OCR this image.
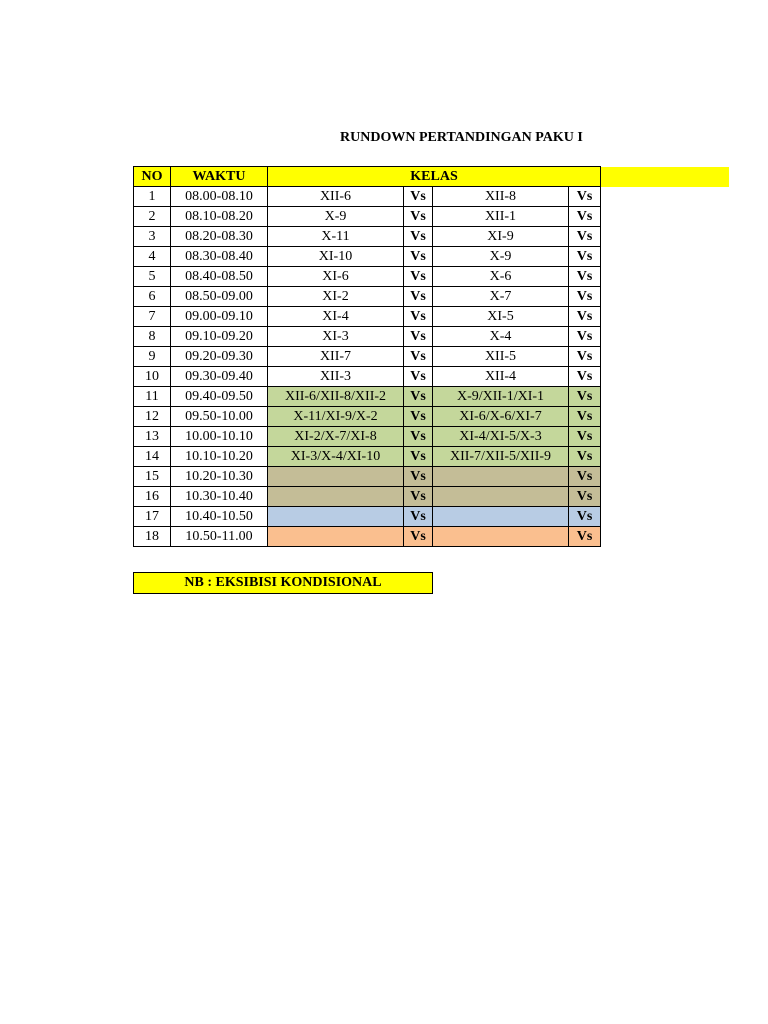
RUNDOWN PERTANDINGAN PAKU I
NO	WAKTU	KELAS			
1	08.00-08.10	XII-6	Vs	XII-8	Vs
2	08.10-08.20	X-9	Vs	XII-1	Vs
3	08.20-08.30	X-11	Vs	XI-9	Vs
4	08.30-08.40	XI-10	Vs	X-9	Vs
5	08.40-08.50	XI-6	Vs	X-6	Vs
6	08.50-09.00	XI-2	Vs	X-7	Vs
7	09.00-09.10	XI-4	Vs	XI-5	Vs
8	09.10-09.20	XI-3	Vs	X-4	Vs
9	09.20-09.30	XII-7	Vs	XII-5	Vs
10	09.30-09.40	XII-3	Vs	XII-4	Vs
11	09.40-09.50	XII-6/XII-8/XII-2	Vs	X-9/XII-1/XI-1	Vs
12	09.50-10.00	X-11/XI-9/X-2	Vs	XI-6/X-6/XI-7	Vs
13	10.00-10.10	XI-2/X-7/XI-8	Vs	XI-4/XI-5/X-3	Vs
14	10.10-10.20	XI-3/X-4/XI-10	Vs	XII-7/XII-5/XII-9	Vs
15	10.20-10.30		Vs		Vs
16	10.30-10.40		Vs		Vs
17	10.40-10.50		Vs		Vs
18	10.50-11.00		Vs		Vs
NB : EKSIBISI KONDISIONAL
